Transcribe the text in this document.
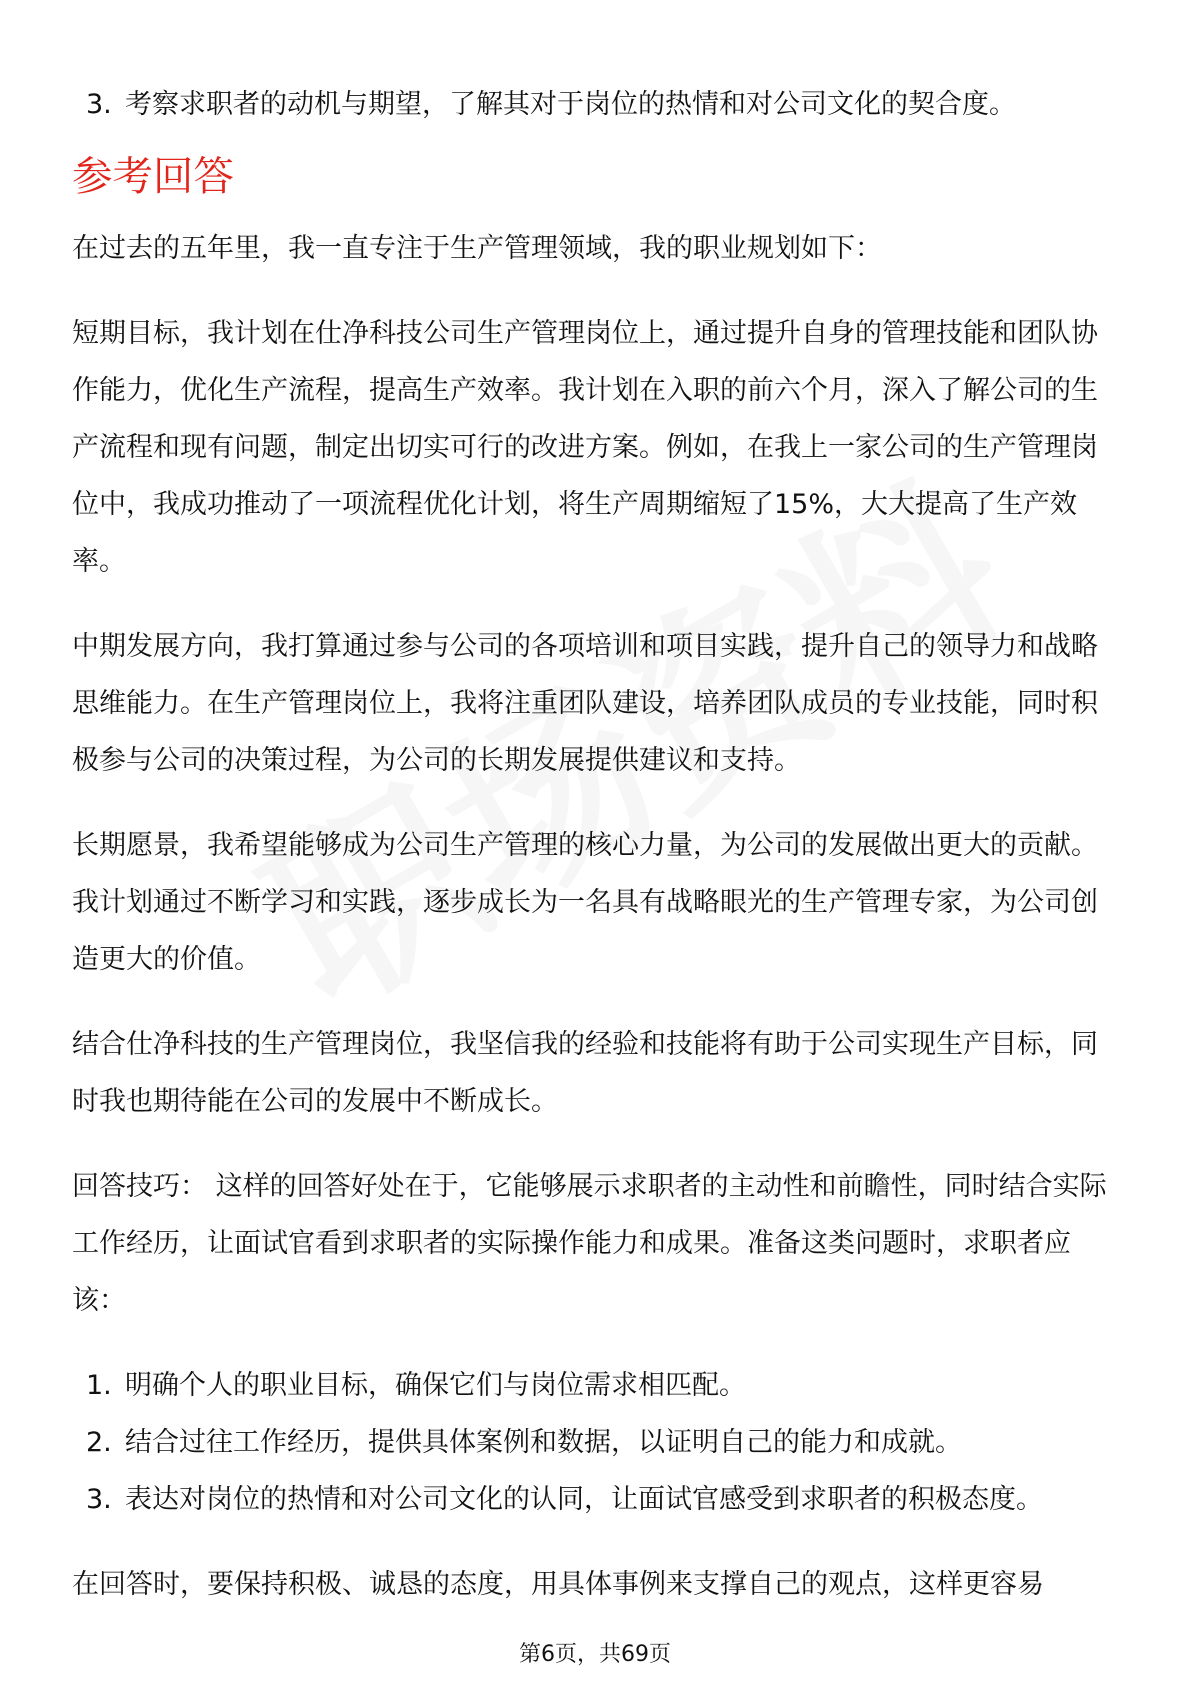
3. 考察求职者的动机与期望，了解其对于岗位的热情和对公司文化的契合度。
参考回答

在过去的五年里，我一直专注于生产管理领域，我的职业规划如下：

短期目标，我计划在仕净科技公司生产管理岗位上，通过提升自身的管理技能和团队协作能力，优化生产流程，提高生产效率。我计划在入职的前六个月，深入了解公司的生产流程和现有问题，制定出切实可行的改进方案。例如，在我上一家公司的生产管理岗位中，我成功推动了一项流程优化计划，将生产周期缩短了15%，大大提高了生产效率。

中期发展方向，我打算通过参与公司的各项培训和项目实践，提升自己的领导力和战略思维能力。在生产管理岗位上，我将注重团队建设，培养团队成员的专业技能，同时积极参与公司的决策过程，为公司的长期发展提供建议和支持。

长期愿景，我希望能够成为公司生产管理的核心力量，为公司的发展做出更大的贡献。我计划通过不断学习和实践，逐步成长为一名具有战略眼光的生产管理专家，为公司创造更大的价值。

结合仕净科技的生产管理岗位，我坚信我的经验和技能将有助于公司实现生产目标，同时我也期待能在公司的发展中不断成长。

回答技巧： 这样的回答好处在于，它能够展示求职者的主动性和前瞻性，同时结合实际工作经历，让面试官看到求职者的实际操作能力和成果。准备这类问题时，求职者应该：

1. 明确个人的职业目标，确保它们与岗位需求相匹配。
2. 结合过往工作经历，提供具体案例和数据，以证明自己的能力和成就。
3. 表达对岗位的热情和对公司文化的认同，让面试官感受到求职者的积极态度。

在回答时，要保持积极、诚恳的态度，用具体事例来支撑自己的观点，这样更容易

第6页，共69页
